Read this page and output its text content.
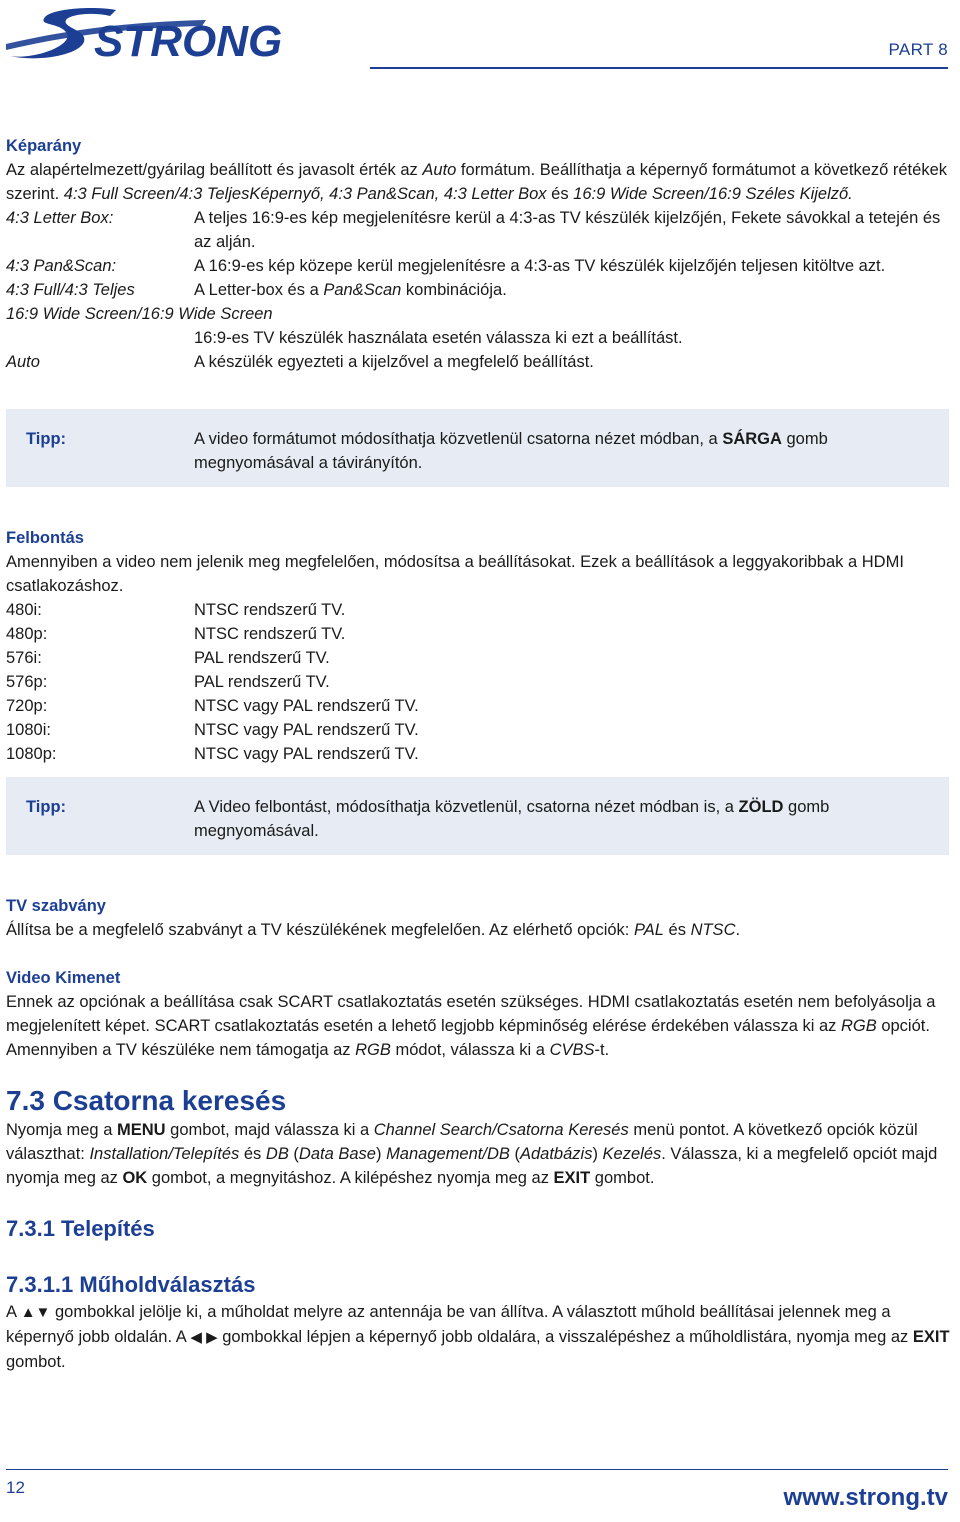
STRONG	PART 8
Képarány

Az alapértelmezett/gyárilag beállított és javasolt érték az Auto formátum. Beállíthatja a képernyő formátumot a következő rétékek szerint. 4:3 Full Screen/4:3 TeljesKépernyő, 4:3 Pan&Scan, 4:3 Letter Box és 16:9 Wide Screen/16:9 Széles Kijelző.

4:3 Letter Box:	A teljes 16:9-es kép megjelenítésre kerül a 4:3-as TV készülék kijelzőjén, Fekete sávokkal a tetején és az alján.
4:3 Pan&Scan:	A 16:9-es kép közepe kerül megjelenítésre a 4:3-as TV készülék kijelzőjén teljesen kitöltve azt.
4:3 Full/4:3 Teljes	A Letter-box és a Pan&Scan kombinációja.
16:9 Wide Screen/16:9 Wide Screen
16:9-es TV készülék használata esetén válassza ki ezt a beállítást.
Auto	A készülék egyezteti a kijelzővel a megfelelő beállítást.
Tipp:	A video formátumot módosíthatja közvetlenül csatorna nézet módban, a SÁRGA gomb megnyomásával a távirányítón.
Felbontás

Amennyiben a video nem jelenik meg megfelelően, módosítsa a beállításokat. Ezek a beállítások a leggyakoribbak a HDMI csatlakozáshoz.

480i:	NTSC rendszerű TV.
480p:	NTSC rendszerű TV.
576i:	PAL rendszerű TV.
576p:	PAL rendszerű TV.
720p:	NTSC vagy PAL rendszerű TV.
1080i:	NTSC vagy PAL rendszerű TV.
1080p:	NTSC vagy PAL rendszerű TV.
Tipp:	A Video felbontást, módosíthatja közvetlenül, csatorna nézet módban is, a ZÖLD gomb megnyomásával.
TV szabvány

Állítsa be a megfelelő szabványt a TV készülékének megfelelően. Az elérhető opciók: PAL és NTSC.

Video Kimenet

Ennek az opciónak a beállítása csak SCART csatlakoztatás esetén szükséges. HDMI csatlakoztatás esetén nem befolyásolja a megjelenített képet. SCART csatlakoztatás esetén a lehető legjobb képminőség elérése érdekében válassza ki az RGB opciót. Amennyiben a TV készüléke nem támogatja az RGB módot, válassza ki a CVBS-t.

7.3 Csatorna keresés

Nyomja meg a MENU gombot, majd válassza ki a Channel Search/Csatorna Keresés menü pontot. A következő opciók közül választhat: Installation/Telepítés és DB (Data Base) Management/DB (Adatbázis) Kezelés. Válassza, ki a megfelelő opciót majd nyomja meg az OK gombot, a megnyitáshoz. A kilépéshez nyomja meg az EXIT gombot.

7.3.1 Telepítés
7.3.1.1 Műholdválasztás

A ▲▼ gombokkal jelölje ki, a műholdat melyre az antennája be van állítva. A választott műhold beállításai jelennek meg a képernyő jobb oldalán. A ◀ ▶ gombokkal lépjen a képernyő jobb oldalára, a visszalépéshez a műholdlistára, nyomja meg az EXIT gombot.

12	www.strong.tv
